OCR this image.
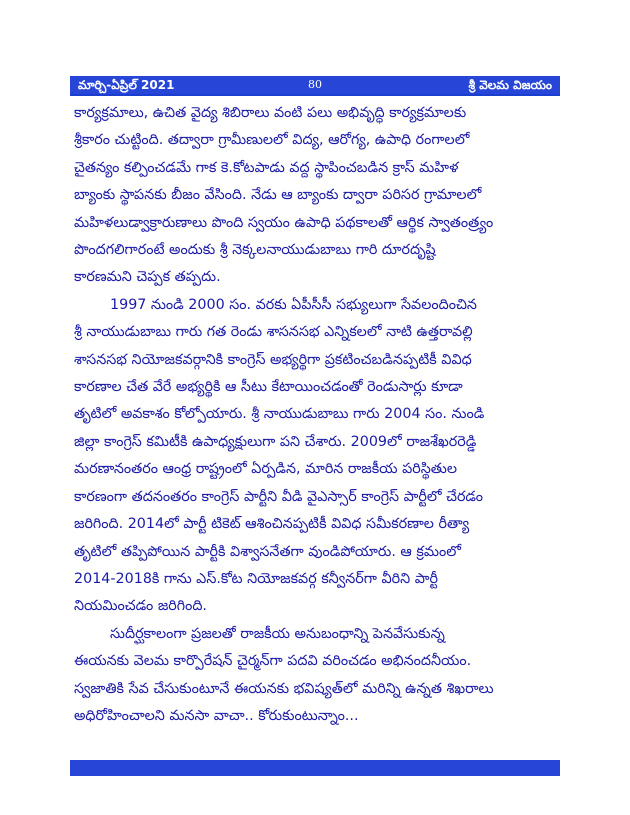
మార్చి-ఏప్రిల్ 2021	80	శ్రీ వెలమ విజయం
కార్యక్రమాలు, ఉచిత వైద్య శిబిరాలు వంటి పలు అభివృద్ధి కార్యక్రమాలకు
శ్రీకారం చుట్టింది. తద్వారా గ్రామీణులలో విద్య, ఆరోగ్య, ఉపాధి రంగాలలో
చైతన్యం కల్పించడమే గాక కె.కోటపాడు వద్ద స్థాపించబడిన క్రాస్ మహిళ
బ్యాంకు స్థాపనకు బీజం వేసింది. నేడు ఆ బ్యాంకు ద్వారా పరిసర గ్రామాలలో
మహిళలుడ్వాక్రారుణాలు పొంది స్వయం ఉపాధి పథకాలతో ఆర్థిక స్వాతంత్ర్యం
పొందగలిగారంటే అందుకు శ్రీ నెక్కలనాయుడుబాబు గారి దూరదృష్టి
కారణమని చెప్పక తప్పదు.
1997 నుండి 2000 సం. వరకు ఏపీసీసీ సభ్యులుగా సేవలందించిన
శ్రీ నాయుడుబాబు గారు గత రెండు శాసనసభ ఎన్నికలలో నాటి ఉత్తరావల్లి
శాసనసభ నియోజకవర్గానికి కాంగ్రెస్ అభ్యర్థిగా ప్రకటించబడినప్పటికీ వివిధ
కారణాల చేత వేరే అభ్యర్థికి ఆ సీటు కేటాయించడంతో రెండుసార్లు కూడా
తృటిలో అవకాశం కోల్పోయారు. శ్రీ నాయుడుబాబు గారు 2004 సం. నుండి
జిల్లా కాంగ్రెస్ కమిటీకి ఉపాధ్యక్షులుగా పని చేశారు. 2009లో రాజశేఖరరెడ్డి
మరణానంతరం ఆంధ్ర రాష్ట్రంలో ఏర్పడిన, మారిన రాజకీయ పరిస్థితుల
కారణంగా తదనంతరం కాంగ్రెస్ పార్టీని వీడి వైఎస్సార్ కాంగ్రెస్ పార్టీలో చేరడం
జరిగింది. 2014లో పార్టీ టికెట్ ఆశించినప్పటికీ వివిధ సమీకరణాల రీత్యా
తృటిలో తప్పిపోయిన పార్టీకి విశ్వాసనేతగా వుండిపోయారు. ఆ క్రమంలో
2014-2018కి గాను ఎస్.కోట నియోజకవర్గ కన్వీనర్‌గా వీరిని పార్టీ
నియమించడం జరిగింది.
సుదీర్ఘకాలంగా ప్రజలతో రాజకీయ అనుబంధాన్ని పెనవేసుకున్న
ఈయనకు వెలమ కార్పొరేషన్ చైర్మన్‌గా పదవి వరించడం అభినందనీయం.
స్వజాతికి సేవ చేసుకుంటూనే ఈయనకు భవిష్యత్‌లో మరిన్ని ఉన్నత శిఖరాలు
అధిరోహించాలని మనసా వాచా.. కోరుకుంటున్నాం...
